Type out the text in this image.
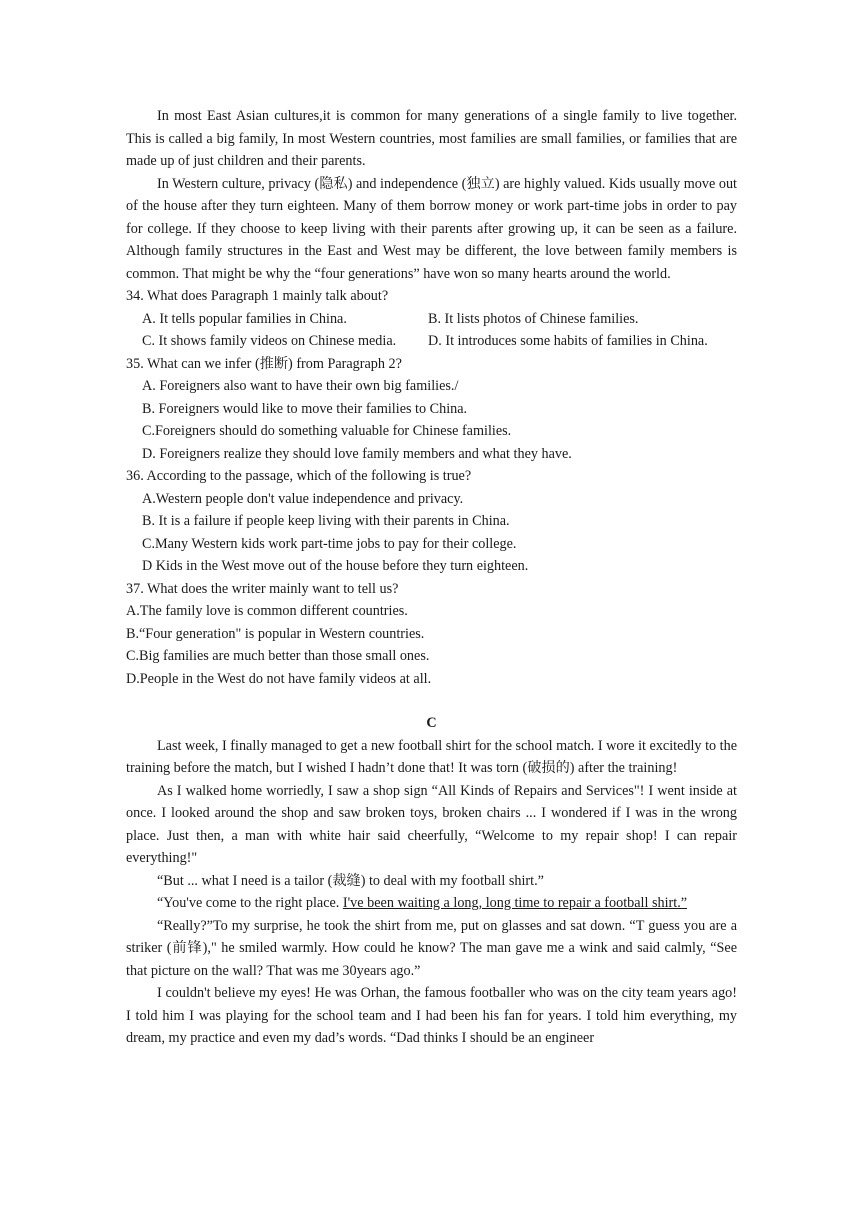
In most East Asian cultures,it is common for many generations of a single family to live together. This is called a big family, In most Western countries, most families are small families, or families that are made up of just children and their parents.

In Western culture, privacy (隐私) and independence (独立) are highly valued. Kids usually move out of the house after they turn eighteen. Many of them borrow money or work part-time jobs in order to pay for college. If they choose to keep living with their parents after growing up, it can be seen as a failure. Although family structures in the East and West may be different, the love between family members is common. That might be why the “four generations” have won so many hearts around the world.

34. What does Paragraph 1 mainly talk about?

A. It tells popular families in China.	B. It lists photos of Chinese families.
C. It shows family videos on Chinese media.	D. It introduces some habits of families in China.

35. What can we infer (推断) from Paragraph 2?

A. Foreigners also want to have their own big families./

B. Foreigners would like to move their families to China.

C.Foreigners should do something valuable for Chinese families.

D. Foreigners realize they should love family members and what they have.

36. According to the passage, which of the following is true?

A.Western people don't value independence and privacy.

B. It is a failure if people keep living with their parents in China.

C.Many Western kids work part-time jobs to pay for their college.

D Kids in the West move out of the house before they turn eighteen.

37. What does the writer mainly want to tell us?

A.The family love is common different countries.

B.“Four generation" is popular in Western countries.

C.Big families are much better than those small ones.

D.People in the West do not have family videos at all.

C

Last week, I finally managed to get a new football shirt for the school match. I wore it excitedly to the training before the match, but I wished I hadn’t done that! It was torn (破损的) after the training!

As I walked home worriedly, I saw a shop sign “All Kinds of Repairs and Services"! I went inside at once. I looked around the shop and saw broken toys, broken chairs ... I wondered if I was in the wrong place. Just then, a man with white hair said cheerfully, “Welcome to my repair shop! I can repair everything!"

“But ... what I need is a tailor (裁缝) to deal with my football shirt.”

“You've come to the right place. I've been waiting a long, long time to repair a football shirt.”

“Really?”To my surprise, he took the shirt from me, put on glasses and sat down. “T guess you are a striker (前锋)," he smiled warmly. How could he know? The man gave me a wink and said calmly, “See that picture on the wall? That was me 30years ago.”

I couldn't believe my eyes! He was Orhan, the famous footballer who was on the city team years ago! I told him I was playing for the school team and I had been his fan for years. I told him everything, my dream, my practice and even my dad’s words. “Dad thinks I should be an engineer
